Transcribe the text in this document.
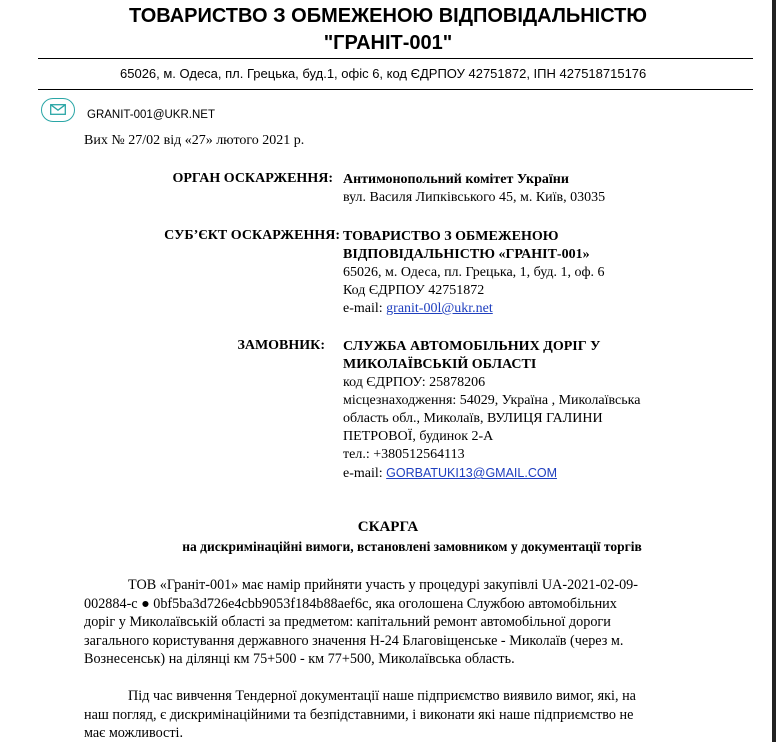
ТОВАРИСТВО З ОБМЕЖЕНОЮ ВІДПОВІДАЛЬНІСТЮ
"ГРАНІТ-001"
65026, м. Одеса, пл. Грецька, буд.1, офіс 6, код ЄДРПОУ 42751872, ІПН 427518715176
GRANIT-001@UKR.NET
Вих № 27/02 від «27» лютого 2021 р.
ОРГАН ОСКАРЖЕННЯ: Антимонопольний комітет України
вул. Василя Липківського 45, м. Київ, 03035
СУБ’ЄКТ ОСКАРЖЕННЯ: ТОВАРИСТВО З ОБМЕЖЕНОЮ
ВІДПОВІДАЛЬНІСТЮ «ГРАНІТ-001»
65026, м. Одеса, пл. Грецька, 1, буд. 1, оф. 6
Код ЄДРПОУ 42751872
e-mail: granit-00l@ukr.net
ЗАМОВНИК: СЛУЖБА АВТОМОБІЛЬНИХ ДОРІГ У
МИКОЛАЇВСЬКІЙ ОБЛАСТІ
код ЄДРПОУ: 25878206
місцезнаходження: 54029, Україна , Миколаївська
область обл., Миколаїв, ВУЛИЦЯ ГАЛИНИ
ПЕТРОВОЇ, будинок 2-А
тел.: +380512564113
e-mail: GORBATUKI13@GMAIL.COM
СКАРГА
на дискримінаційні вимоги, встановлені замовником у документації торгів
ТОВ «Граніт-001» має намір прийняти участь у процедурі закупівлі UA-2021-02-09-
002884-c ● 0bf5ba3d726e4cbb9053f184b88aef6c, яка оголошена Службою автомобільних
доріг у Миколаївській області за предметом: капітальний ремонт автомобільної дороги
загального користування державного значення Н-24 Благовіщенське - Миколаїв (через м.
Вознесенськ) на ділянці км 75+500 - км 77+500, Миколаївська область.
Під час вивчення Тендерної документації наше підприємство виявило вимог, які, на
наш погляд, є дискримінаційними та безпідставними, і виконати які наше підприємство не
має можливості.
